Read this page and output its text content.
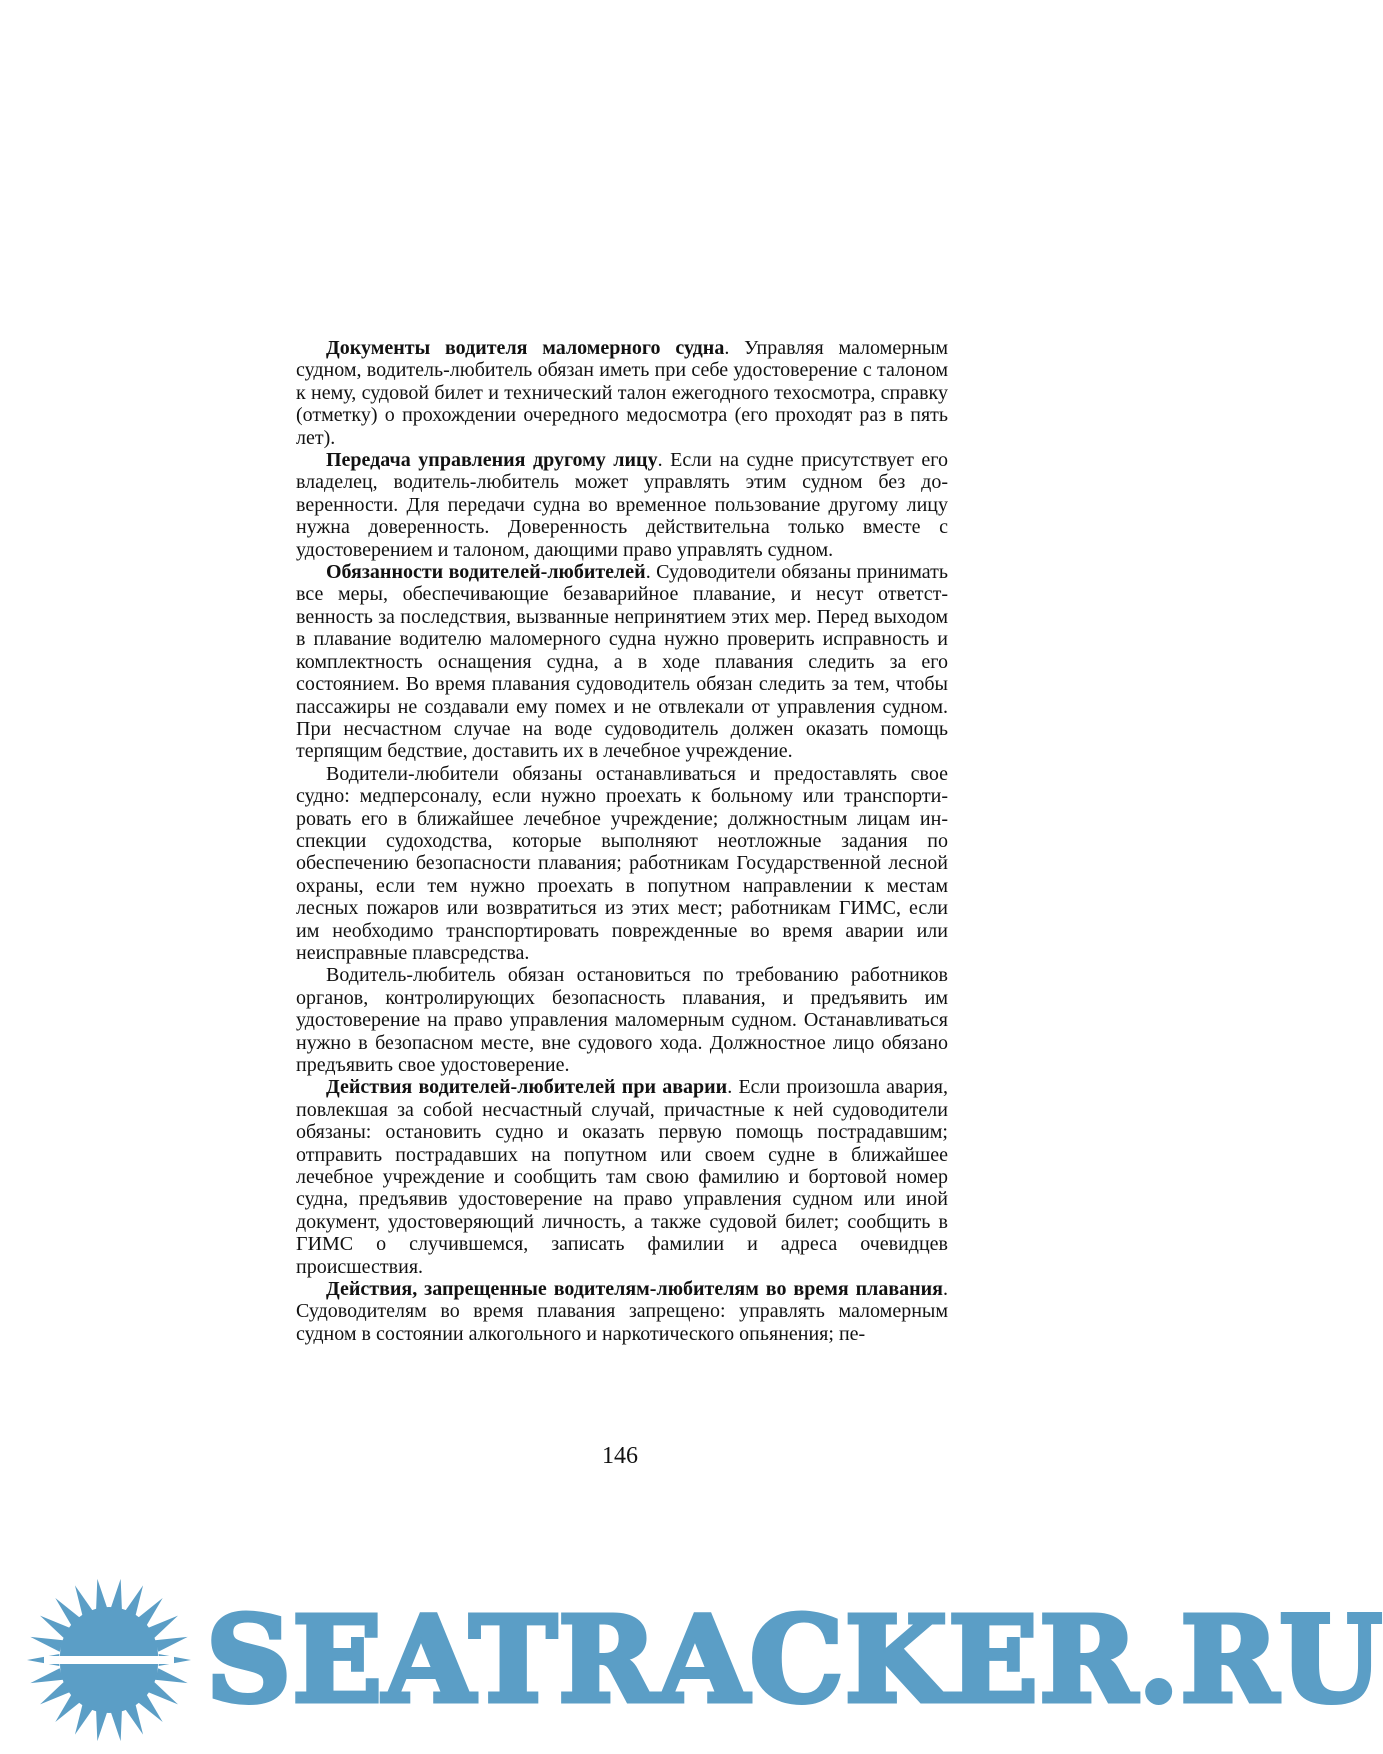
Документы водителя маломерного судна. Управляя маломерным судном, водитель-любитель обязан иметь при себе удостоверение с талоном к нему, судовой билет и технический талон ежегодного техосмотра, справку (отметку) о прохождении очередного медосмотра (его проходят раз в пять лет).

Передача управления другому лицу. Если на судне присутствует его владелец, водитель-любитель может управлять этим судном без доверенности. Для передачи судна во временное пользование другому лицу нужна доверенность. Доверенность действительна только вместе с удостоверением и талоном, дающими право управлять судном.

Обязанности водителей-любителей. Судоводители обязаны принимать все меры, обеспечивающие безаварийное плавание, и несут ответственность за последствия, вызванные непринятием этих мер. Перед выходом в плавание водителю маломерного судна нужно проверить исправность и комплектность оснащения судна, а в ходе плавания следить за его состоянием. Во время плавания судоводитель обязан следить за тем, чтобы пассажиры не создавали ему помех и не отвлекали от управления судном. При несчастном случае на воде судоводитель должен оказать помощь терпящим бедствие, доставить их в лечебное учреждение.

Водители-любители обязаны останавливаться и предоставлять свое судно: медперсоналу, если нужно проехать к больному или транспортировать его в ближайшее лечебное учреждение; должностным лицам инспекции судоходства, которые выполняют неотложные задания по обеспечению безопасности плавания; работникам Государственной лесной охраны, если тем нужно проехать в попутном направлении к местам лесных пожаров или возвратиться из этих мест; работникам ГИМС, если им необходимо транспортировать поврежденные во время аварии или неисправные плавсредства.

Водитель-любитель обязан остановиться по требованию работников органов, контролирующих безопасность плавания, и предъявить им удостоверение на право управления маломерным судном. Останавливаться нужно в безопасном месте, вне судового хода. Должностное лицо обязано предъявить свое удостоверение.

Действия водителей-любителей при аварии. Если произошла авария, повлекшая за собой несчастный случай, причастные к ней судоводители обязаны: остановить судно и оказать первую помощь пострадавшим; отправить пострадавших на попутном или своем судне в ближайшее лечебное учреждение и сообщить там свою фамилию и бортовой номер судна, предъявив удостоверение на право управления судном или иной документ, удостоверяющий личность, а также судовой билет; сообщить в ГИМС о случившемся, записать фамилии и адреса очевидцев происшествия.

Действия, запрещенные водителям-любителям во время плавания. Судоводителям во время плавания запрещено: управлять маломерным судном в состоянии алкогольного и наркотического опьянения; пе-

146
SEATRACKER.RU
